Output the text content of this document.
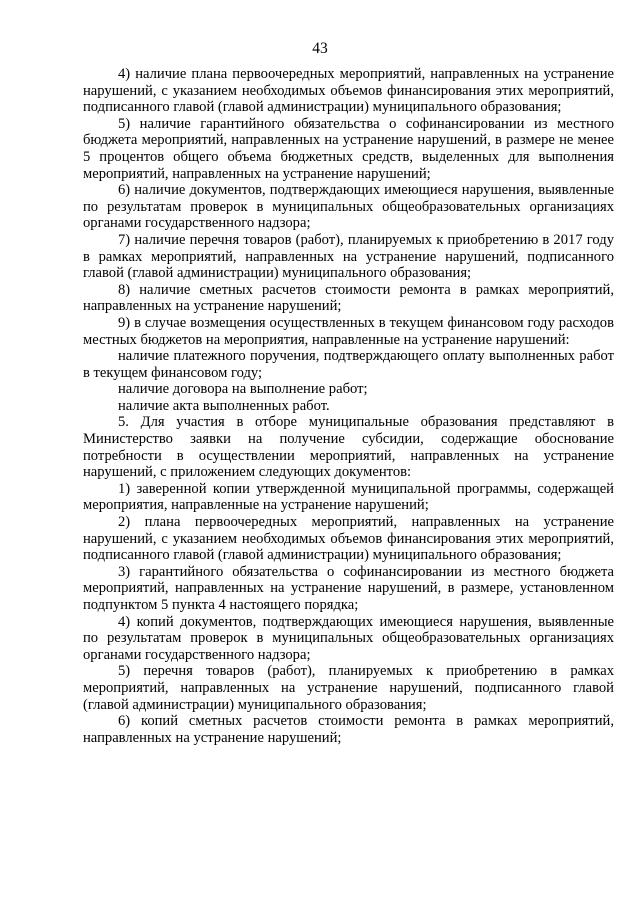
43

4) наличие плана первоочередных мероприятий, направленных на устранение нарушений, с указанием необходимых объемов финансирования этих мероприятий, подписанного главой (главой администрации) муниципального образования;

5) наличие гарантийного обязательства о софинансировании из местного бюджета мероприятий, направленных на устранение нарушений, в размере не менее 5 процентов общего объема бюджетных средств, выделенных для выполнения мероприятий, направленных на устранение нарушений;

6) наличие документов, подтверждающих имеющиеся нарушения, выявленные по результатам проверок в муниципальных общеобразовательных организациях органами государственного надзора;

7) наличие перечня товаров (работ), планируемых к приобретению в 2017 году в рамках мероприятий, направленных на устранение нарушений, подписанного главой (главой администрации) муниципального образования;

8) наличие сметных расчетов стоимости ремонта в рамках мероприятий, направленных на устранение нарушений;

9) в случае возмещения осуществленных в текущем финансовом году расходов местных бюджетов на мероприятия, направленные на устранение нарушений:

наличие платежного поручения, подтверждающего оплату выполненных работ в текущем финансовом году;

наличие договора на выполнение работ;

наличие акта выполненных работ.

5. Для участия в отборе муниципальные образования представляют в Министерство заявки на получение субсидии, содержащие обоснование потребности в осуществлении мероприятий, направленных на устранение нарушений, с приложением следующих документов:

1) заверенной копии утвержденной муниципальной программы, содержащей мероприятия, направленные на устранение нарушений;

2) плана первоочередных мероприятий, направленных на устранение нарушений, с указанием необходимых объемов финансирования этих мероприятий, подписанного главой (главой администрации) муниципального образования;

3) гарантийного обязательства о софинансировании из местного бюджета мероприятий, направленных на устранение нарушений, в размере, установленном подпунктом 5 пункта 4 настоящего порядка;

4) копий документов, подтверждающих имеющиеся нарушения, выявленные по результатам проверок в муниципальных общеобразовательных организациях органами государственного надзора;

5) перечня товаров (работ), планируемых к приобретению в рамках мероприятий, направленных на устранение нарушений, подписанного главой (главой администрации) муниципального образования;

6) копий сметных расчетов стоимости ремонта в рамках мероприятий, направленных на устранение нарушений;
